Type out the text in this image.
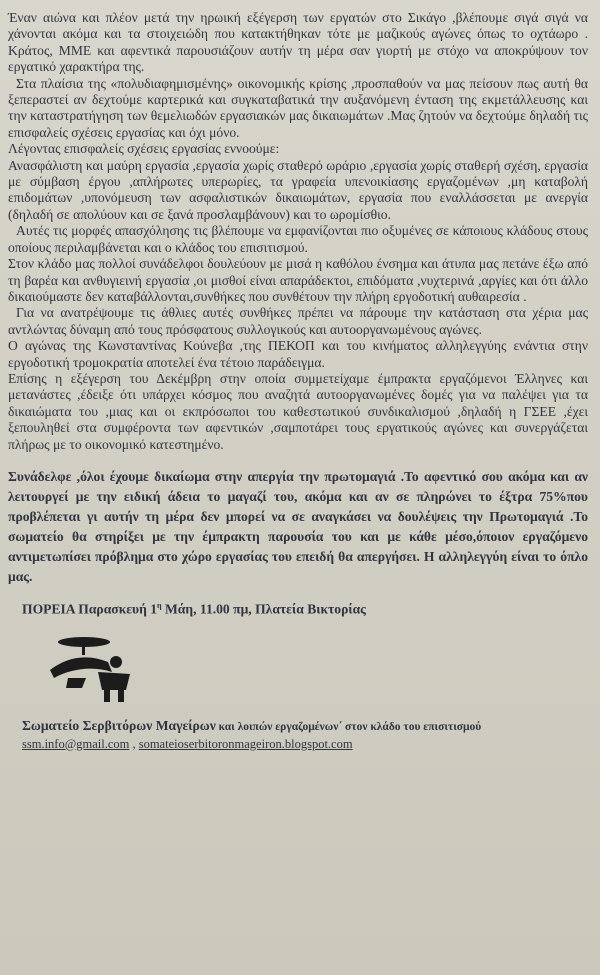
Έναν αιώνα και πλέον μετά την ηρωική εξέγερση των εργατών στο Σικάγο ,βλέπουμε σιγά σιγά να χάνονται ακόμα και τα στοιχειώδη που κατακτήθηκαν τότε με μαζικούς αγώνες όπως το οχτάωρο . Κράτος, ΜΜΕ και αφεντικά παρουσιάζουν αυτήν τη μέρα σαν γιορτή με στόχο να αποκρύψουν τον εργατικό χαρακτήρα της.

Στα πλαίσια της «πολυδιαφημισμένης» οικονομικής κρίσης ,προσπαθούν να μας πείσουν πως αυτή θα ξεπεραστεί αν δεχτούμε καρτερικά και συγκαταβατικά την αυξανόμενη ένταση της εκμετάλλευσης και την καταστρατήγηση των θεμελιωδών εργασιακών μας δικαιωμάτων .Μας ζητούν να δεχτούμε δηλαδή τις επισφαλείς σχέσεις εργασίας και όχι μόνο.

Λέγοντας επισφαλείς σχέσεις εργασίας εννοούμε:

Ανασφάλιστη και μαύρη εργασία ,εργασία χωρίς σταθερό ωράριο ,εργασία χωρίς σταθερή σχέση, εργασία με σύμβαση έργου ,απλήρωτες υπερωρίες, τα γραφεία υπενοικίασης εργαζομένων ,μη καταβολή επιδομάτων ,υπονόμευση των ασφαλιστικών δικαιωμάτων, εργασία που εναλλάσσεται με ανεργία (δηλαδή σε απολύουν και σε ξανά προσλαμβάνουν) και το ωρομίσθιο.

Αυτές τις μορφές απασχόλησης τις βλέπουμε να εμφανίζονται πιο οξυμένες σε κάποιους κλάδους στους οποίους περιλαμβάνεται και ο κλάδος του επισιτισμού.

Στον κλάδο μας πολλοί συνάδελφοι δουλεύουν με μισά η καθόλου ένσημα και άτυπα μας πετάνε έξω από τη βαρέα και ανθυγιεινή εργασία ,οι μισθοί είναι απαράδεκτοι, επιδόματα ,νυχτερινά ,αργίες και ότι άλλο δικαιούμαστε δεν καταβάλλονται,συνθήκες που συνθέτουν την πλήρη εργοδοτική αυθαιρεσία .

Για να ανατρέψουμε τις άθλιες αυτές συνθήκες πρέπει να πάρουμε την κατάσταση στα χέρια μας αντλώντας δύναμη από τους πρόσφατους συλλογικούς και αυτοοργανωμένους αγώνες.

Ο αγώνας της Κωνσταντίνας Κούνεβα ,της ΠΕΚΟΠ και του κινήματος αλληλεγγύης ενάντια στην εργοδοτική τρομοκρατία αποτελεί ένα τέτοιο παράδειγμα.

Επίσης η εξέγερση του Δεκέμβρη στην οποία συμμετείχαμε έμπρακτα εργαζόμενοι Έλληνες και μετανάστες ,έδειξε ότι υπάρχει κόσμος που αναζητά αυτοοργανωμένες δομές για να παλέψει για τα δικαιώματα του ,μιας και οι εκπρόσωποι του καθεστωτικού συνδικαλισμού ,δηλαδή η ΓΣΕΕ ,έχει ξεπουληθεί στα συμφέροντα των αφεντικών ,σαμποτάρει τους εργατικούς αγώνες και συνεργάζεται πλήρως με το οικονομικό κατεστημένο.

Συνάδελφε ,όλοι έχουμε δικαίωμα στην απεργία την πρωτομαγιά .Το αφεντικό σου ακόμα και αν λειτουργεί με την ειδική άδεια το μαγαζί του, ακόμα και αν σε πληρώνει το έξτρα 75%που προβλέπεται γι αυτήν τη μέρα δεν μπορεί να σε αναγκάσει να δουλέψεις την Πρωτομαγιά .Το σωματείο θα στηρίξει με την έμπρακτη παρουσία του και με κάθε μέσο,όποιον εργαζόμενο αντιμετωπίσει πρόβλημα στο χώρο εργασίας του επειδή θα απεργήσει. Η αλληλεγγύη είναι το όπλο μας.

ΠΟΡΕΙΑ Παρασκευή $1^\eta$ Μάη, 11.00 πμ, Πλατεία Βικτορίας
Σωματείο Σερβιτόρων Μαγείρων και λοιπών εργαζομένων΄ στον κλάδο του επισιτισμού
ssm.info@gmail.com , somateioserbitoronmageiron.blogspot.com
